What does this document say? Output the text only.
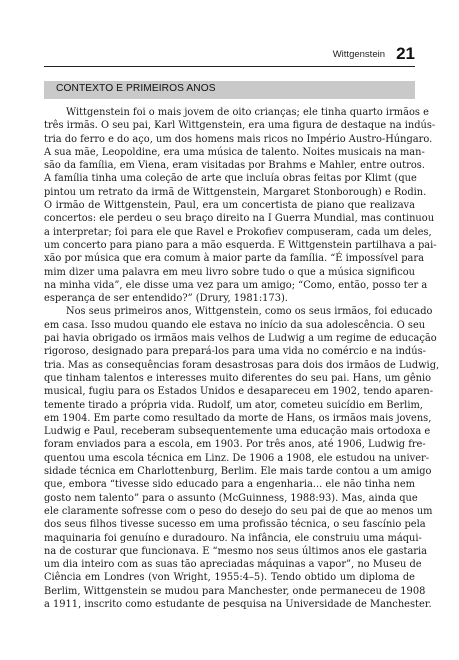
Wittgenstein 21
CONTEXTO E PRIMEIROS ANOS
Wittgenstein foi o mais jovem de oito crianças; ele tinha quarto irmãos e
três irmãs. O seu pai, Karl Wittgenstein, era uma figura de destaque na indús-
tria do ferro e do aço, um dos homens mais ricos no Império Austro-Húngaro.
A sua mãe, Leopoldine, era uma música de talento. Noites musicais na man-
são da família, em Viena, eram visitadas por Brahms e Mahler, entre outros.
A família tinha uma coleção de arte que incluía obras feitas por Klimt (que
pintou um retrato da irmã de Wittgenstein, Margaret Stonborough) e Rodin.
O irmão de Wittgenstein, Paul, era um concertista de piano que realizava
concertos: ele perdeu o seu braço direito na I Guerra Mundial, mas continuou
a interpretar; foi para ele que Ravel e Prokofiev compuseram, cada um deles,
um concerto para piano para a mão esquerda. E Wittgenstein partilhava a pai-
xão por música que era comum à maior parte da família. “É impossível para
mim dizer uma palavra em meu livro sobre tudo o que a música significou
na minha vida”, ele disse uma vez para um amigo; “Como, então, posso ter a
esperança de ser entendido?” (Drury, 1981:173).
Nos seus primeiros anos, Wittgenstein, como os seus irmãos, foi educado
em casa. Isso mudou quando ele estava no início da sua adolescência. O seu
pai havia obrigado os irmãos mais velhos de Ludwig a um regime de educação
rigoroso, designado para prepará-los para uma vida no comércio e na indús-
tria. Mas as consequências foram desastrosas para dois dos irmãos de Ludwig,
que tinham talentos e interesses muito diferentes do seu pai. Hans, um gênio
musical, fugiu para os Estados Unidos e desapareceu em 1902, tendo aparen-
temente tirado a própria vida. Rudolf, um ator, cometeu suicídio em Berlim,
em 1904. Em parte como resultado da morte de Hans, os irmãos mais jovens,
Ludwig e Paul, receberam subsequentemente uma educação mais ortodoxa e
foram enviados para a escola, em 1903. Por três anos, até 1906, Ludwig fre-
quentou uma escola técnica em Linz. De 1906 a 1908, ele estudou na univer-
sidade técnica em Charlottenburg, Berlim. Ele mais tarde contou a um amigo
que, embora “tivesse sido educado para a engenharia... ele não tinha nem
gosto nem talento” para o assunto (McGuinness, 1988:93). Mas, ainda que
ele claramente sofresse com o peso do desejo do seu pai de que ao menos um
dos seus filhos tivesse sucesso em uma profissão técnica, o seu fascínio pela
maquinaria foi genuíno e duradouro. Na infância, ele construiu uma máqui-
na de costurar que funcionava. E “mesmo nos seus últimos anos ele gastaria
um dia inteiro com as suas tão apreciadas máquinas a vapor”, no Museu de
Ciência em Londres (von Wright, 1955:4–5). Tendo obtido um diploma de
Berlim, Wittgenstein se mudou para Manchester, onde permaneceu de 1908
a 1911, inscrito como estudante de pesquisa na Universidade de Manchester.
